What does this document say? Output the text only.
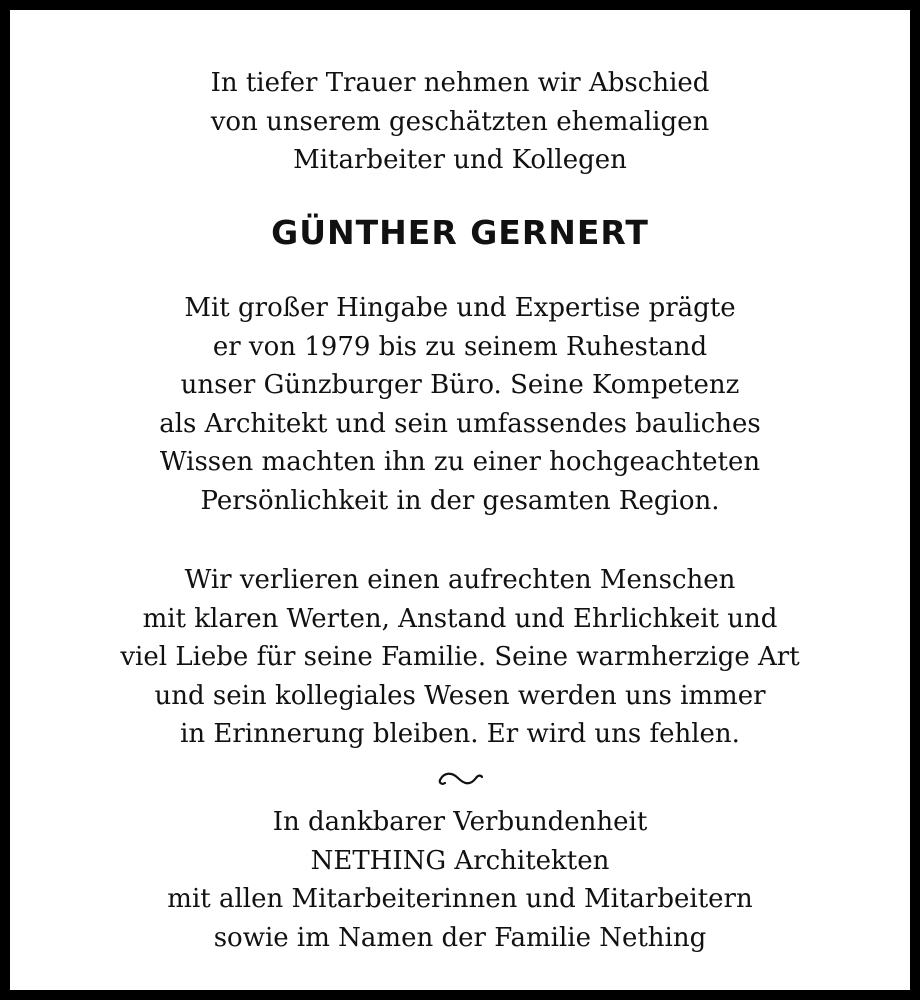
In tiefer Trauer nehmen wir Abschied
von unserem geschätzten ehemaligen
Mitarbeiter und Kollegen
GÜNTHER GERNERT
Mit großer Hingabe und Expertise prägte
er von 1979 bis zu seinem Ruhestand
unser Günzburger Büro. Seine Kompetenz
als Architekt und sein umfassendes bauliches
Wissen machten ihn zu einer hochgeachteten
Persönlichkeit in der gesamten Region.
Wir verlieren einen aufrechten Menschen
mit klaren Werten, Anstand und Ehrlichkeit und
viel Liebe für seine Familie. Seine warmherzige Art
und sein kollegiales Wesen werden uns immer
in Erinnerung bleiben. Er wird uns fehlen.
In dankbarer Verbundenheit
NETHING Architekten
mit allen Mitarbeiterinnen und Mitarbeitern
sowie im Namen der Familie Nething
